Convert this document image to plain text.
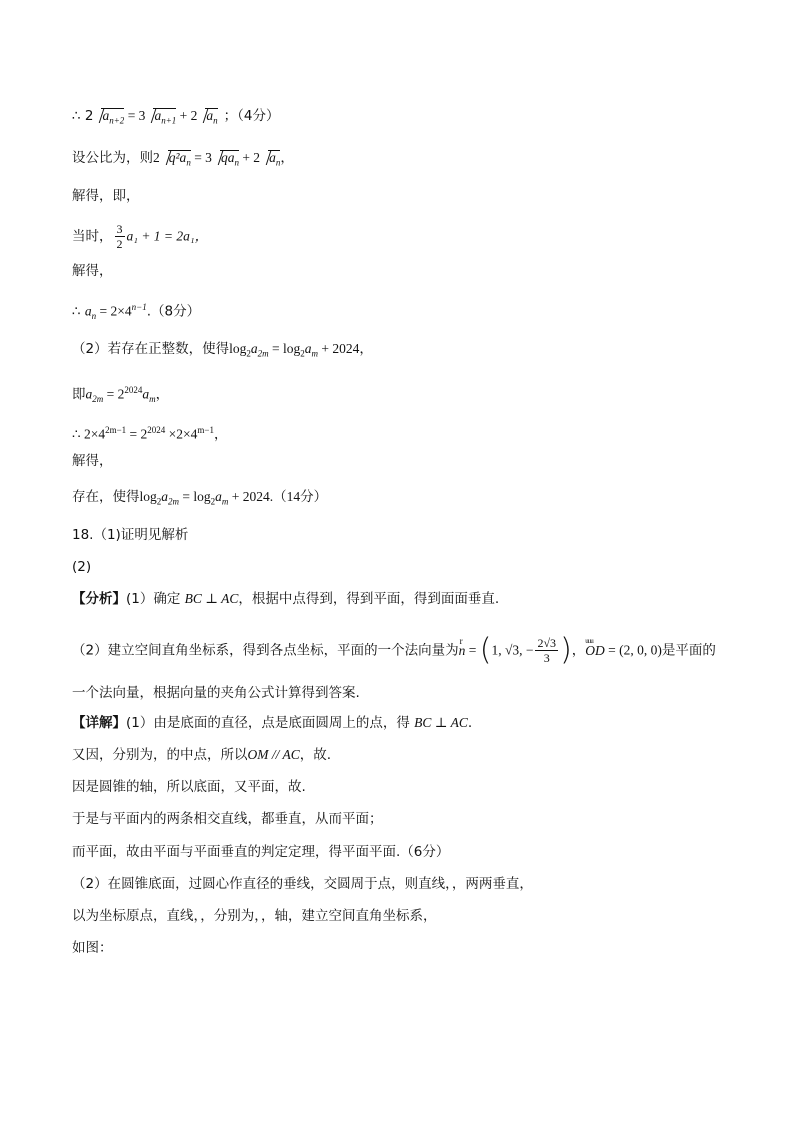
∴ 2 $a_{n+2} = 3$ $a_{n+1} + 2$ $a_n$ ；（4分）
设公比为，则2 $q^2a_n = 3$ $qa_n + 2$ $a_n$，
解得，即，
当时， $\frac{3}{2} a_1 + 1 = 2a_1$，
解得，
∴ $a_n = 2\times 4^{n-1}.(8$分）
（2）若存在正整数，使得$\log_2a_{2m} = \log_2a_m + 2024$，
即$a_{2m} = 2^{2024}a_m$，
∴ $2\times 4^{2m-1} = 2^{2024} \times 2\times 4^{m-1}$，
解得，
存在，使得$\log_2a_{2m} = \log_2a_m + 2024.(14$分）
18.（1)证明见解析
(2)
【分析】(1）确定 BC ⊥ AC，根据中点得到，得到平面，得到面面垂直.
（2）建立空间直角坐标系，得到各点坐标，平面的一个法向量为r n = (1, √3, − $\frac{2√3}{3}$ )，uuu OD = (2, 0, 0)是平面的
一个法向量，根据向量的夹角公式计算得到答案.
【详解】(1）由是底面的直径，点是底面圆周上的点，得 BC ⊥ AC.
又因，分别为，的中点，所以OM // AC，故.
因是圆锥的轴，所以底面，又平面，故.
于是与平面内的两条相交直线，都垂直，从而平面；
而平面，故由平面与平面垂直的判定定理，得平面平面.（6分）
（2）在圆锥底面，过圆心作直径的垂线，交圆周于点，则直线，，两两垂直，
以为坐标原点，直线，，分别为，，轴，建立空间直角坐标系，
如图：
